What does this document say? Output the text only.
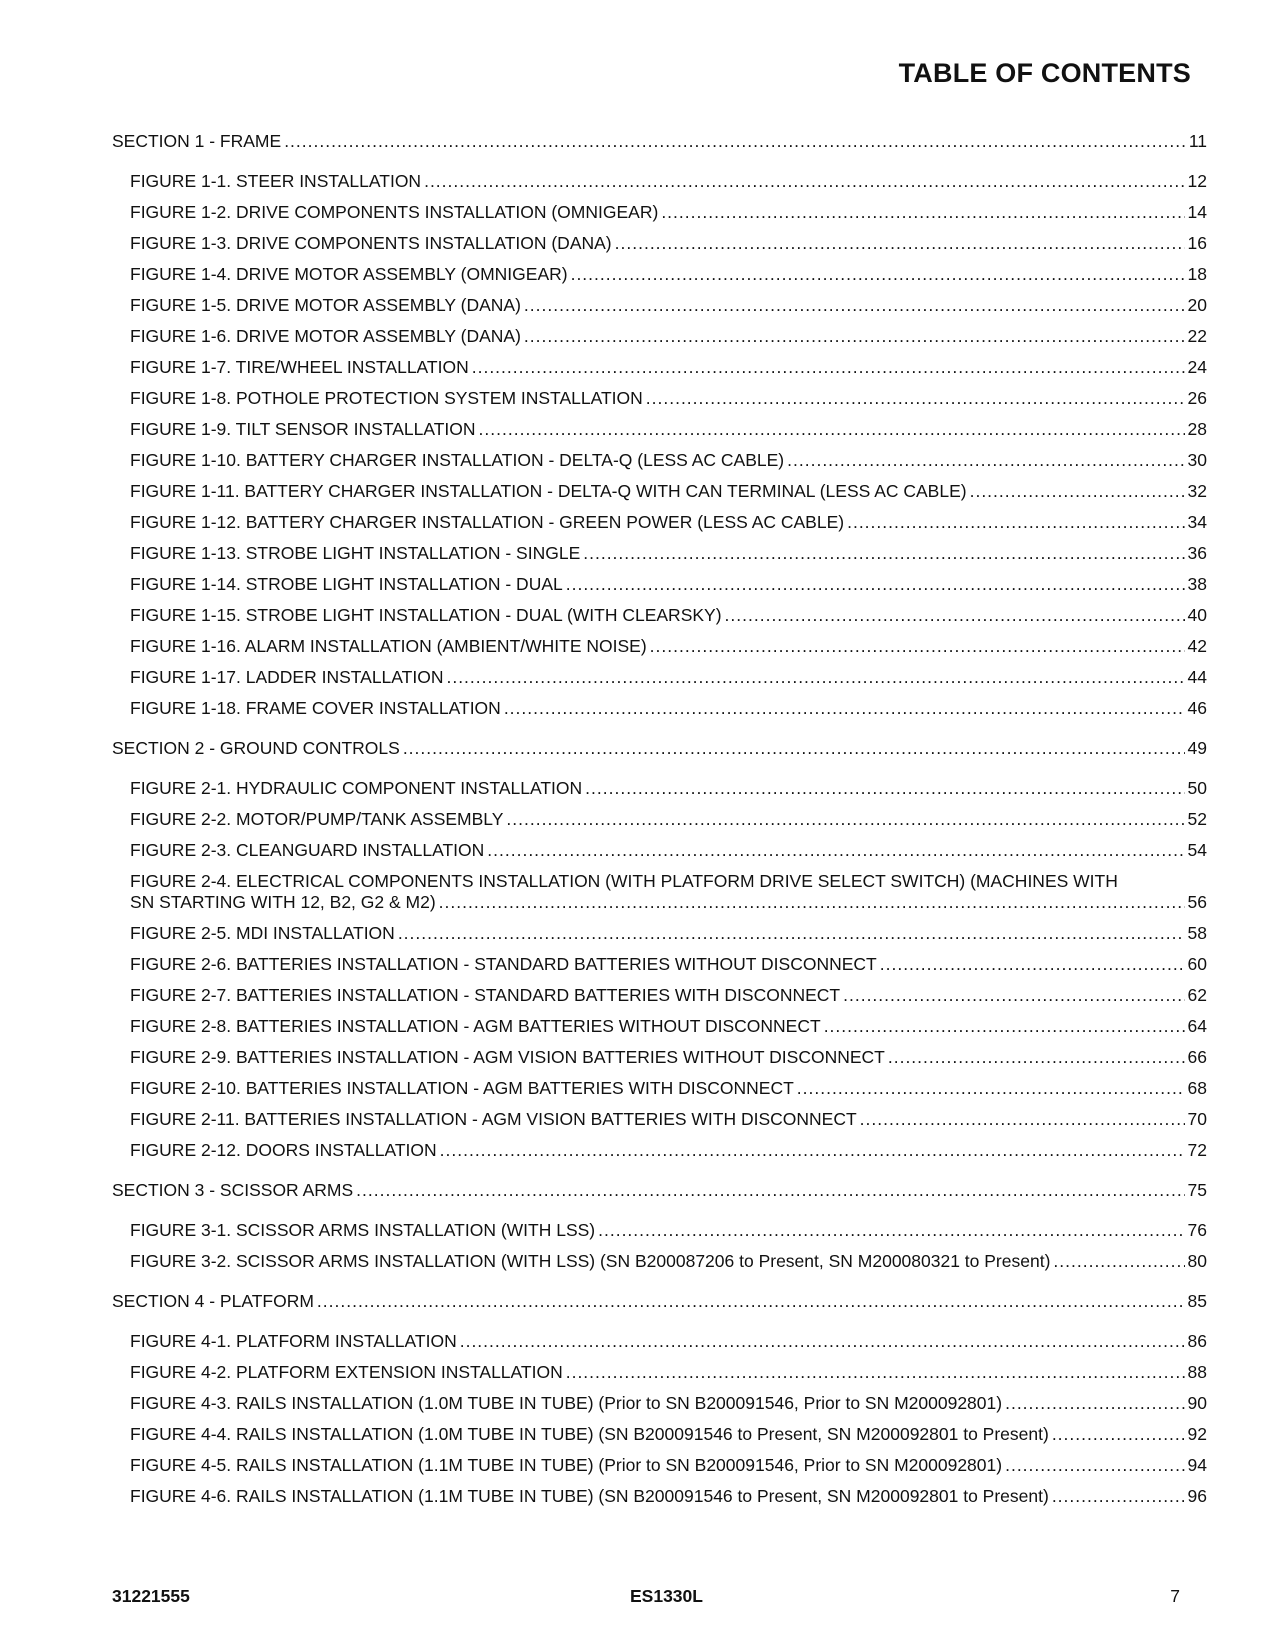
TABLE OF CONTENTS
SECTION 1 - FRAME .....	11
FIGURE 1-1. STEER INSTALLATION .....	12
FIGURE 1-2. DRIVE COMPONENTS INSTALLATION (OMNIGEAR) .....	14
FIGURE 1-3. DRIVE COMPONENTS INSTALLATION (DANA) .....	16
FIGURE 1-4. DRIVE MOTOR ASSEMBLY (OMNIGEAR) .....	18
FIGURE 1-5. DRIVE MOTOR ASSEMBLY (DANA) .....	20
FIGURE 1-6. DRIVE MOTOR ASSEMBLY (DANA) .....	22
FIGURE 1-7. TIRE/WHEEL INSTALLATION .....	24
FIGURE 1-8. POTHOLE PROTECTION SYSTEM INSTALLATION .....	26
FIGURE 1-9. TILT SENSOR INSTALLATION .....	28
FIGURE 1-10. BATTERY CHARGER INSTALLATION - DELTA-Q (LESS AC CABLE) .....	30
FIGURE 1-11. BATTERY CHARGER INSTALLATION - DELTA-Q WITH CAN TERMINAL (LESS AC CABLE) .....	32
FIGURE 1-12. BATTERY CHARGER INSTALLATION - GREEN POWER (LESS AC CABLE) .....	34
FIGURE 1-13. STROBE LIGHT INSTALLATION - SINGLE .....	36
FIGURE 1-14. STROBE LIGHT INSTALLATION - DUAL .....	38
FIGURE 1-15. STROBE LIGHT INSTALLATION - DUAL (WITH CLEARSKY) .....	40
FIGURE 1-16. ALARM INSTALLATION (AMBIENT/WHITE NOISE) .....	42
FIGURE 1-17. LADDER INSTALLATION .....	44
FIGURE 1-18. FRAME COVER INSTALLATION .....	46
SECTION 2 - GROUND CONTROLS .....	49
FIGURE 2-1. HYDRAULIC COMPONENT INSTALLATION .....	50
FIGURE 2-2. MOTOR/PUMP/TANK ASSEMBLY .....	52
FIGURE 2-3. CLEANGUARD INSTALLATION .....	54
FIGURE 2-4. ELECTRICAL COMPONENTS INSTALLATION (WITH PLATFORM DRIVE SELECT SWITCH) (MACHINES WITH
SN STARTING WITH 12, B2, G2 & M2) .....	56
FIGURE 2-5. MDI INSTALLATION .....	58
FIGURE 2-6. BATTERIES INSTALLATION - STANDARD BATTERIES WITHOUT DISCONNECT .....	60
FIGURE 2-7. BATTERIES INSTALLATION - STANDARD BATTERIES WITH DISCONNECT .....	62
FIGURE 2-8. BATTERIES INSTALLATION - AGM BATTERIES WITHOUT DISCONNECT .....	64
FIGURE 2-9. BATTERIES INSTALLATION - AGM VISION BATTERIES WITHOUT DISCONNECT .....	66
FIGURE 2-10. BATTERIES INSTALLATION - AGM BATTERIES WITH DISCONNECT .....	68
FIGURE 2-11. BATTERIES INSTALLATION - AGM VISION BATTERIES WITH DISCONNECT .....	70
FIGURE 2-12. DOORS INSTALLATION .....	72
SECTION 3 - SCISSOR ARMS .....	75
FIGURE 3-1. SCISSOR ARMS INSTALLATION (WITH LSS) .....	76
FIGURE 3-2. SCISSOR ARMS INSTALLATION (WITH LSS) (SN B200087206 to Present, SN M200080321 to Present) .....	80
SECTION 4 - PLATFORM .....	85
FIGURE 4-1. PLATFORM INSTALLATION .....	86
FIGURE 4-2. PLATFORM EXTENSION INSTALLATION .....	88
FIGURE 4-3. RAILS INSTALLATION (1.0M TUBE IN TUBE) (Prior to SN B200091546, Prior to SN M200092801) .....	90
FIGURE 4-4. RAILS INSTALLATION (1.0M TUBE IN TUBE) (SN B200091546 to Present, SN M200092801 to Present) .....	92
FIGURE 4-5. RAILS INSTALLATION (1.1M TUBE IN TUBE) (Prior to SN B200091546, Prior to SN M200092801) .....	94
FIGURE 4-6. RAILS INSTALLATION (1.1M TUBE IN TUBE) (SN B200091546 to Present, SN M200092801 to Present) .....	96
31221555	ES1330L	7
